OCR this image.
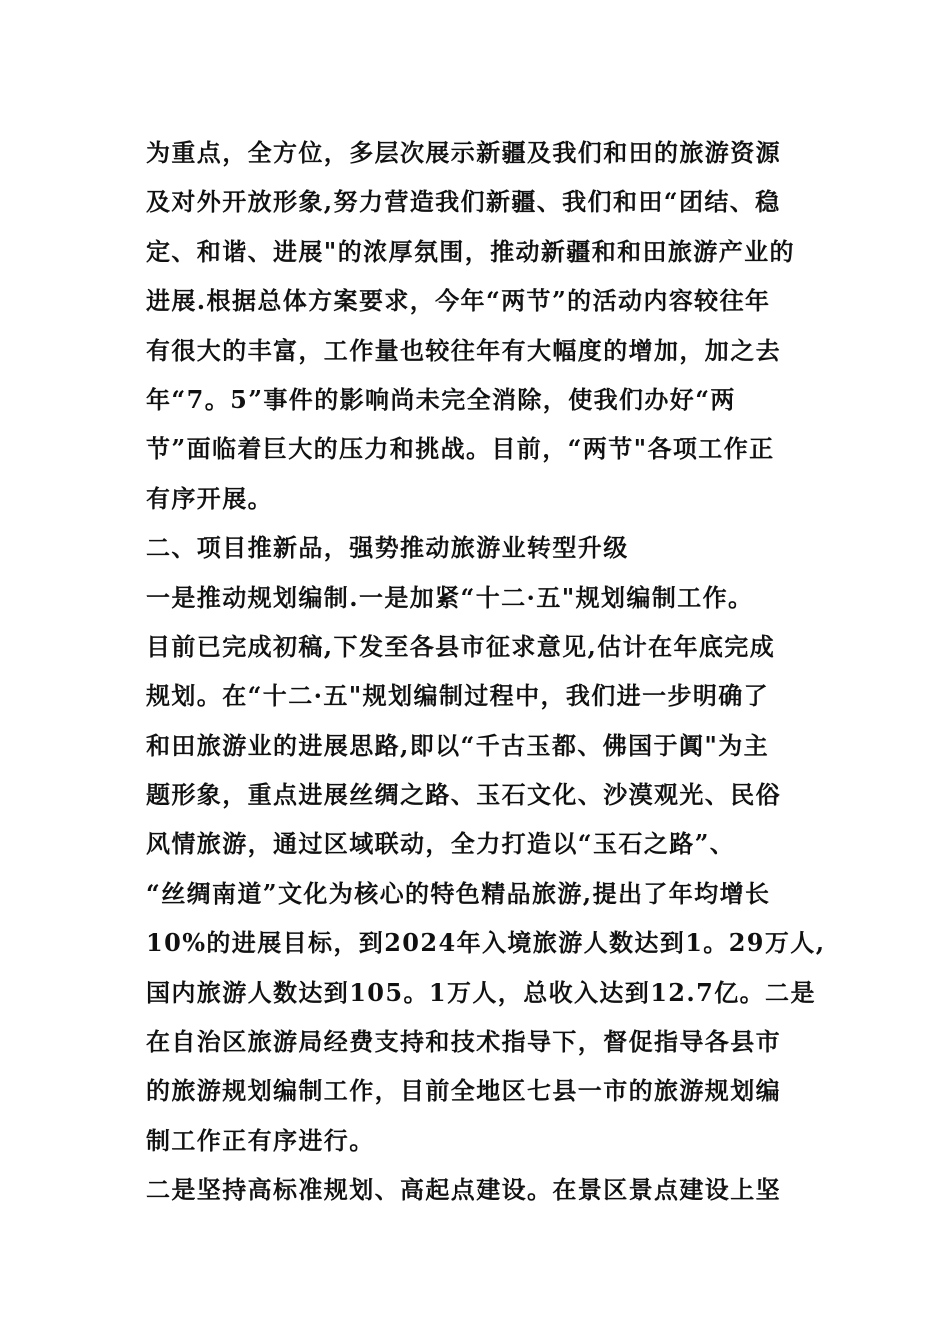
为重点，全方位，多层次展示新疆及我们和田的旅游资源
及对外开放形象,努力营造我们新疆、我们和田“团结、稳
定、和谐、进展"的浓厚氛围，推动新疆和和田旅游产业的
进展.根据总体方案要求，今年“两节”的活动内容较往年
有很大的丰富，工作量也较往年有大幅度的增加，加之去
年“7。5”事件的影响尚未完全消除，使我们办好“两
节”面临着巨大的压力和挑战。目前，“两节"各项工作正
有序开展。
二、项目推新品，强势推动旅游业转型升级
一是推动规划编制.一是加紧“十二·五"规划编制工作。
目前已完成初稿,下发至各县市征求意见,估计在年底完成
规划。在“十二·五"规划编制过程中，我们进一步明确了
和田旅游业的进展思路,即以“千古玉都、佛国于阗"为主
题形象，重点进展丝绸之路、玉石文化、沙漠观光、民俗
风情旅游，通过区域联动，全力打造以“玉石之路”、
“丝绸南道”文化为核心的特色精品旅游,提出了年均增长
10%的进展目标，到2024年入境旅游人数达到1。29万人,
国内旅游人数达到105。1万人，总收入达到12.7亿。二是
在自治区旅游局经费支持和技术指导下，督促指导各县市
的旅游规划编制工作，目前全地区七县一市的旅游规划编
制工作正有序进行。
二是坚持高标准规划、高起点建设。在景区景点建设上坚
